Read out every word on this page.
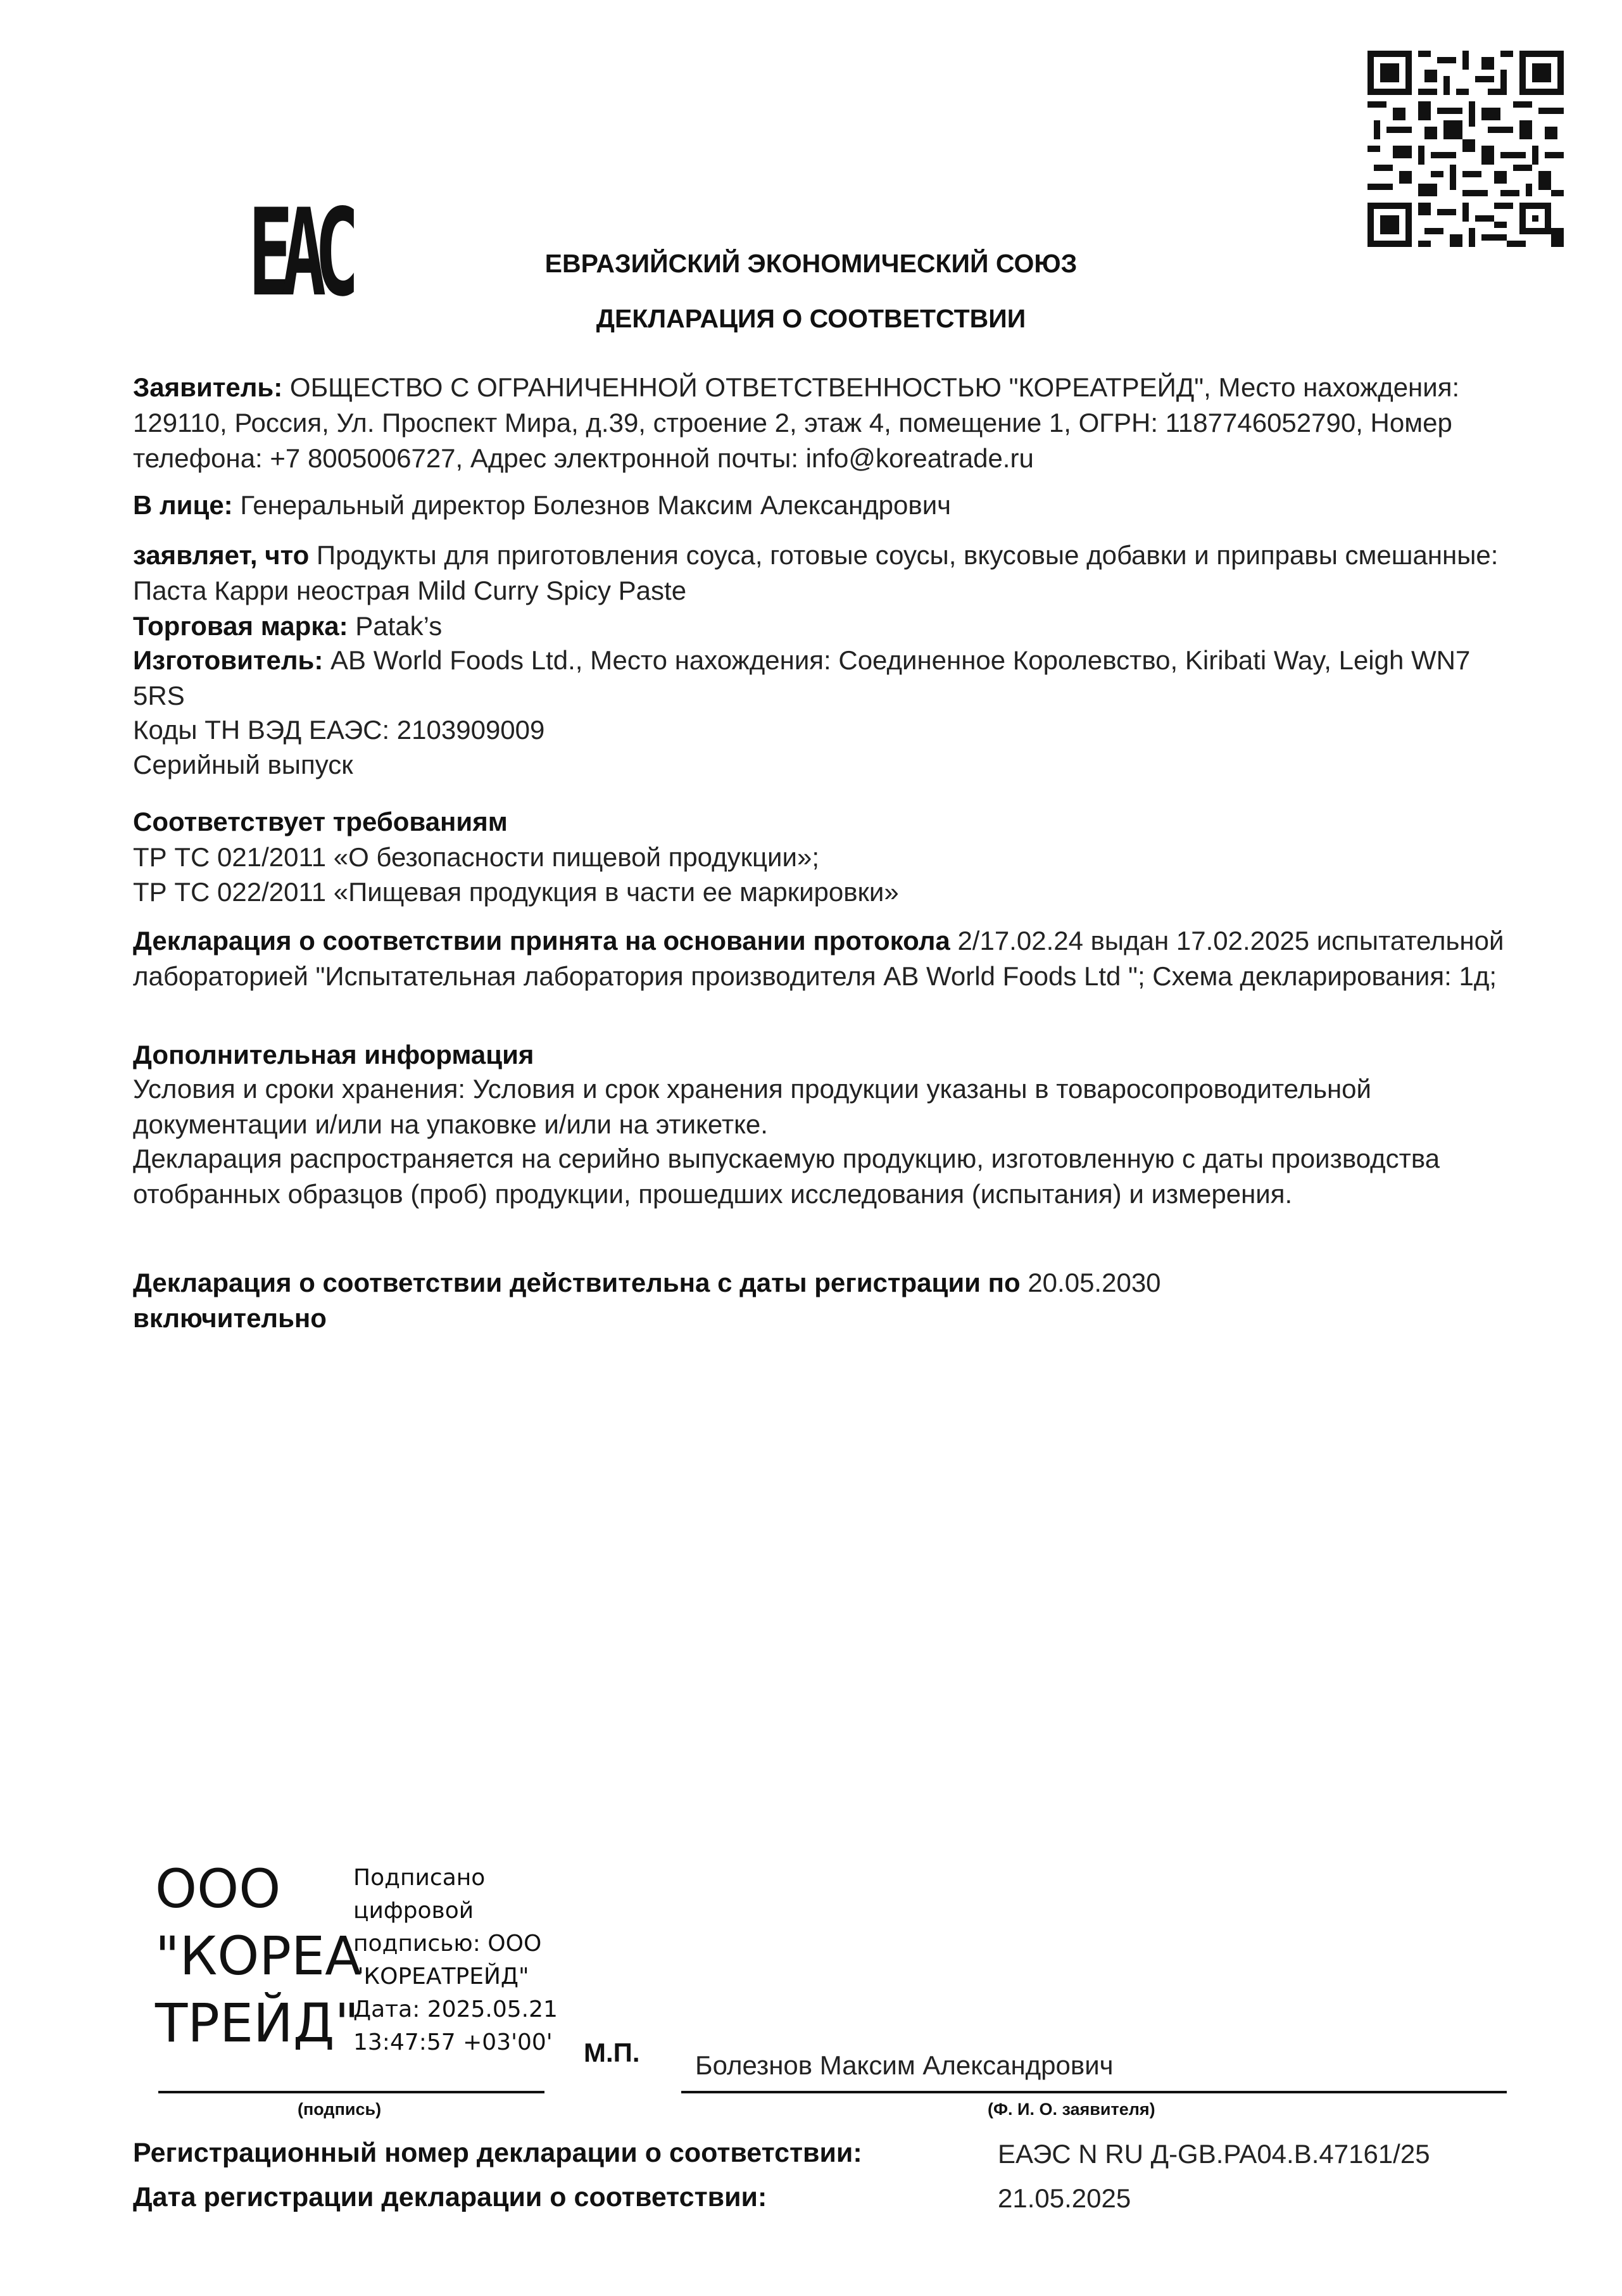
EAC	ЕВРАЗИЙСКИЙ ЭКОНОМИЧЕСКИЙ СОЮЗ
ДЕКЛАРАЦИЯ О СООТВЕТСТВИИ
Заявитель: ОБЩЕСТВО С ОГРАНИЧЕННОЙ ОТВЕТСТВЕННОСТЬЮ "КОРЕАТРЕЙД", Место нахождения: 129110, Россия, Ул. Проспект Мира, д.39, строение 2, этаж 4, помещение 1, ОГРН: 1187746052790, Номер телефона: +7 8005006727, Адрес электронной почты: info@koreatrade.ru
В лице: Генеральный директор Болезнов Максим Александрович
заявляет, что Продукты для приготовления соуса, готовые соусы, вкусовые добавки и приправы смешанные: Паста Карри неострая Mild Curry Spicy Paste
Торговая марка: Patak’s
Изготовитель: AB World Foods Ltd., Место нахождения: Соединенное Королевство, Kiribati Way, Leigh WN7 5RS
Коды ТН ВЭД ЕАЭС: 2103909009
Серийный выпуск
Соответствует требованиям
ТР ТС 021/2011 «О безопасности пищевой продукции»;
ТР ТС 022/2011 «Пищевая продукция в части ее маркировки»
Декларация о соответствии принята на основании протокола 2/17.02.24 выдан 17.02.2025 испытательной лабораторией "Испытательная лаборатория производителя AB World Foods Ltd "; Схема декларирования: 1д;
Дополнительная информация
Условия и сроки хранения: Условия и срок хранения продукции указаны в товаросопроводительной документации и/или на упаковке и/или на этикетке.
Декларация распространяется на серийно выпускаемую продукцию, изготовленную с даты производства отобранных образцов (проб) продукции, прошедших исследования (испытания) и измерения.
Декларация о соответствии действительна с даты регистрации по 20.05.2030
включительно
ООО
"КОРЕА
ТРЕЙД"
Подписано
цифровой
подписью: ООО
"КОРЕАТРЕЙД"
Дата: 2025.05.21
13:47:57 +03'00' М.П. Болезнов Максим Александрович
(подпись)	(Ф. И. О. заявителя)
Регистрационный номер декларации о соответствии:	ЕАЭС N RU Д-GB.PA04.B.47161/25
Дата регистрации декларации о соответствии:	21.05.2025
